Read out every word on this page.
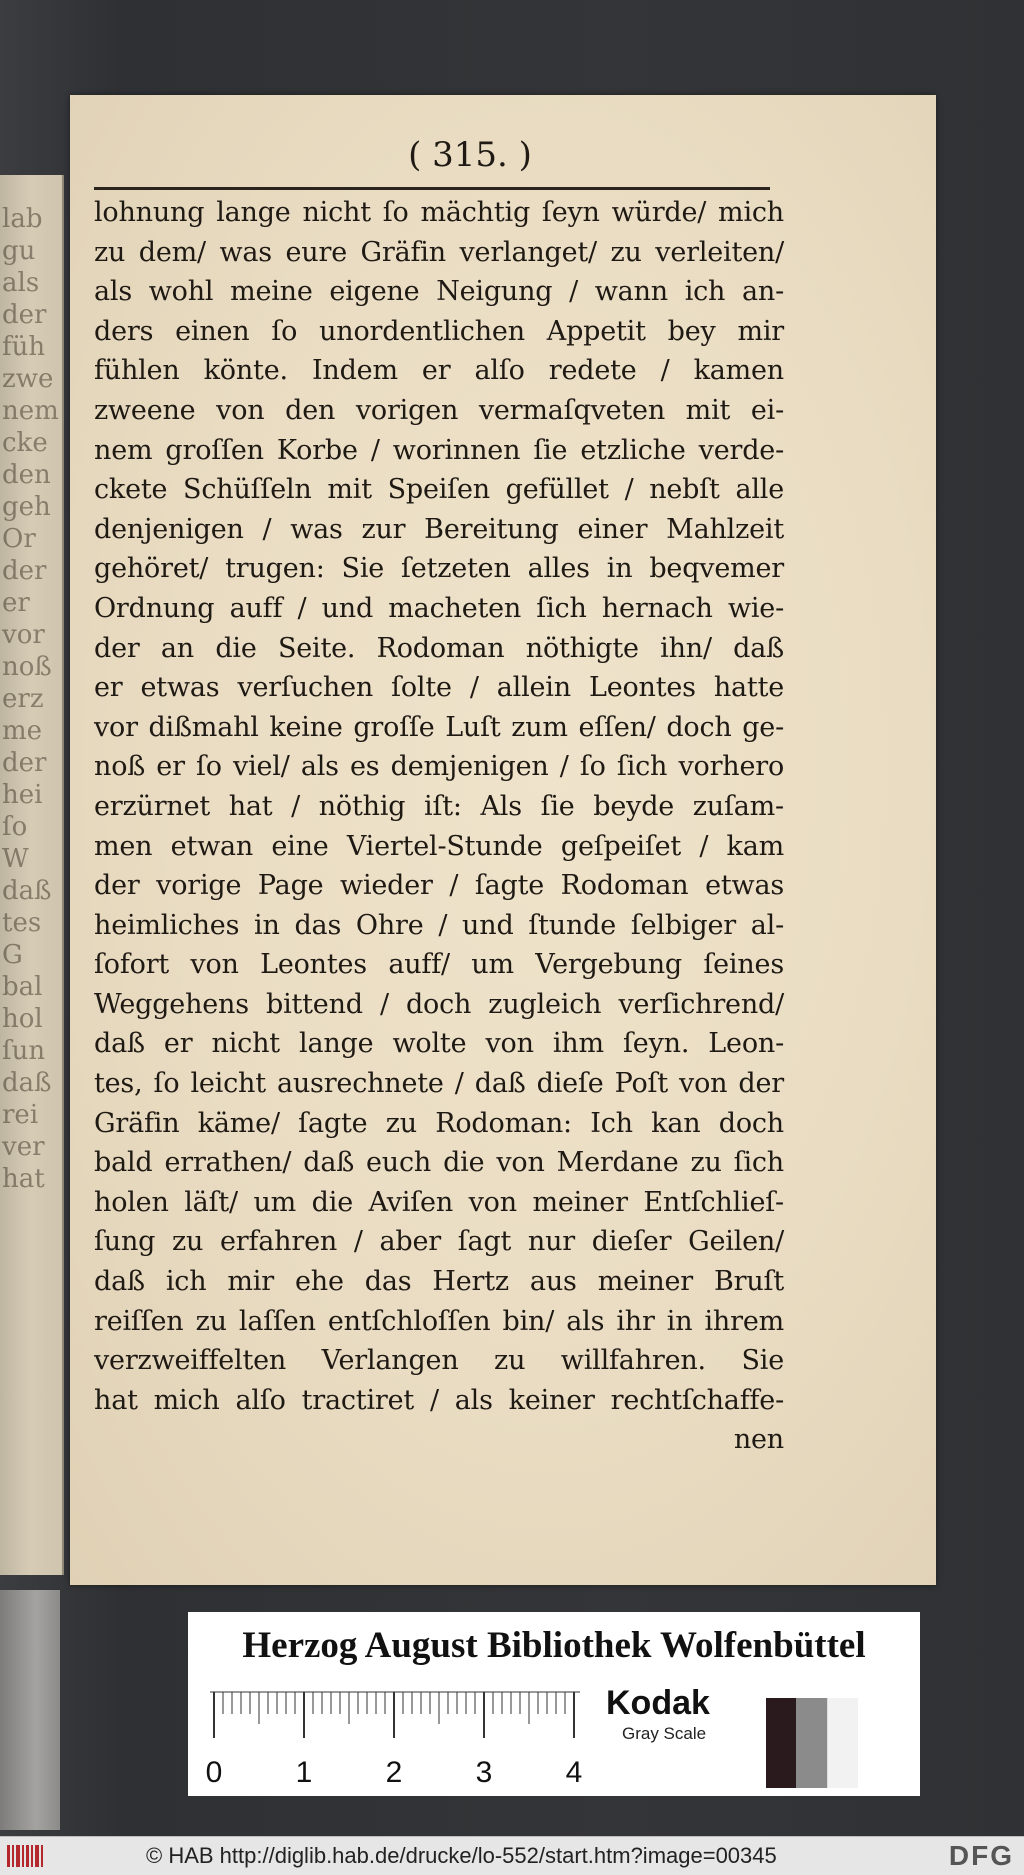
lab
gu
als
der
füh
zwe
nem
cke
den
geh
Or
der
er
vor
noß
erz
me
der
hei
ſo
W
daß
tes
G
bal
hol
ſun
daß
rei
ver
hat
( 315. )
lohnung lange nicht ſo mächtig ſeyn würde/ mich
zu dem/ was eure Gräfin verlanget/ zu verleiten/
als wohl meine eigene Neigung / wann ich an-
ders einen ſo unordentlichen Appetit bey mir
fühlen könte. Indem er alſo redete / kamen
zweene von den vorigen vermaſqveten mit ei-
nem groſſen Korbe / worinnen ſie etzliche verde-
ckete Schüſſeln mit Speiſen gefüllet / nebſt alle
denjenigen / was zur Bereitung einer Mahlzeit
gehöret/ trugen: Sie ſetzeten alles in beqvemer
Ordnung auff / und macheten ſich hernach wie-
der an die Seite. Rodoman nöthigte ihn/ daß
er etwas verſuchen ſolte / allein Leontes hatte
vor dißmahl keine groſſe Luſt zum eſſen/ doch ge-
noß er ſo viel/ als es demjenigen / ſo ſich vorhero
erzürnet hat / nöthig iſt: Als ſie beyde zuſam-
men etwan eine Viertel-Stunde geſpeiſet / kam
der vorige Page wieder / ſagte Rodoman etwas
heimliches in das Ohre / und ſtunde ſelbiger al-
ſofort von Leontes auff/ um Vergebung ſeines
Weggehens bittend / doch zugleich verſichrend/
daß er nicht lange wolte von ihm ſeyn. Leon-
tes, ſo leicht ausrechnete / daß dieſe Poſt von der
Gräfin käme/ ſagte zu Rodoman: Ich kan doch
bald errathen/ daß euch die von Merdane zu ſich
holen läſt/ um die Aviſen von meiner Entſchlieſ-
ſung zu erfahren / aber ſagt nur dieſer Geilen/
daß ich mir ehe das Hertz aus meiner Bruſt
reiſſen zu laſſen entſchloſſen bin/ als ihr in ihrem
verzweiffelten Verlangen zu willfahren. Sie
hat mich alſo tractiret / als keiner rechtſchaffe-
nen
Herzog August Bibliothek Wolfenbüttel
0 1 2 3 4
Kodak
Gray Scale
© HAB http://diglib.hab.de/drucke/lo-552/start.htm?image=00345	DFG
